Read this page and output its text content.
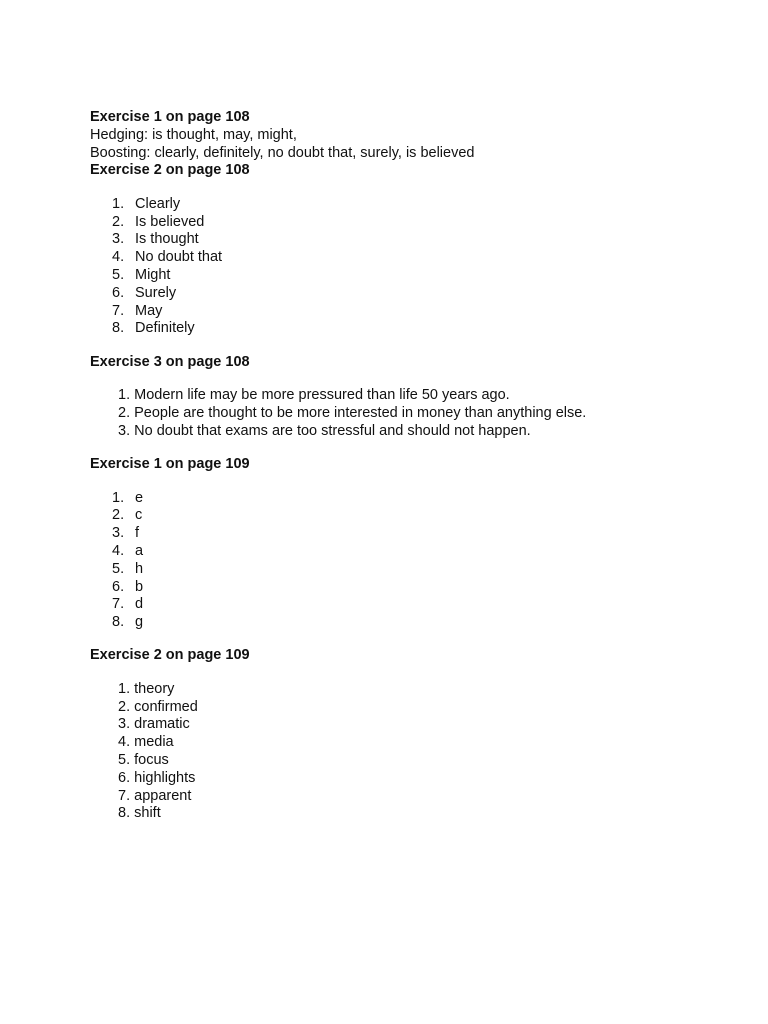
Exercise 1 on page 108
Hedging: is thought, may, might,
Boosting: clearly, definitely, no doubt that, surely, is believed
Exercise 2 on page 108
1. Clearly
2. Is believed
3. Is thought
4. No doubt that
5. Might
6. Surely
7. May
8. Definitely
Exercise 3 on page 108
1. Modern life may be more pressured than life 50 years ago.
2. People are thought to be more interested in money than anything else.
3. No doubt that exams are too stressful and should not happen.
Exercise 1 on page 109
1. e
2. c
3. f
4. a
5. h
6. b
7. d
8. g
Exercise 2 on page 109
1. theory
2. confirmed
3. dramatic
4. media
5. focus
6. highlights
7. apparent
8. shift
